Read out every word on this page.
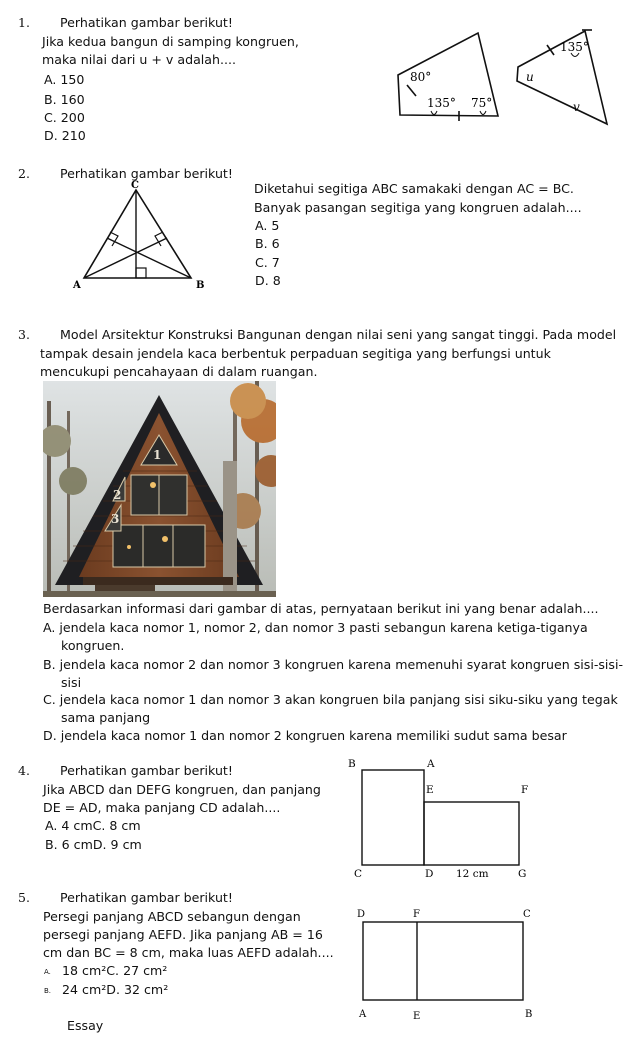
1. Perhatikan gambar berikut!
Jika kedua bangun di samping kongruen,
maka nilai dari u + v adalah....
A. 150
B. 160
C. 200
D. 210
80°
135° 75°
135°
u
v
2. Perhatikan gambar berikut!
Diketahui segitiga ABC samakaki dengan AC = BC.
Banyak pasangan segitiga yang kongruen adalah....
A. 5
B. 6
C. 7
D. 8
C
A	B
3. Model Arsitektur Konstruksi Bangunan dengan nilai seni yang sangat tinggi. Pada model
tampak desain jendela kaca berbentuk perpaduan segitiga yang berfungsi untuk
mencukupi pencahayaan di dalam ruangan.
1
2
3
Berdasarkan informasi dari gambar di atas, pernyataan berikut ini yang benar adalah....
A. jendela kaca nomor 1, nomor 2, dan nomor 3 pasti sebangun karena ketiga-tiganya
kongruen.
B. jendela kaca nomor 2 dan nomor 3 kongruen karena memenuhi syarat kongruen sisi-sisi-
sisi
C. jendela kaca nomor 1 dan nomor 3 akan kongruen bila panjang sisi siku-siku yang tegak
sama panjang
D. jendela kaca nomor 1 dan nomor 2 kongruen karena memiliki sudut sama besar
4. Perhatikan gambar berikut!
Jika ABCD dan DEFG kongruen, dan panjang
DE = AD, maka panjang CD adalah....
A. 4 cmC. 8 cm
B. 6 cmD. 9 cm
B	A
E	F
C	D 12 cm	G
5. Perhatikan gambar berikut!
Persegi panjang ABCD sebangun dengan
persegi panjang AEFD. Jika panjang AB = 16
cm dan BC = 8 cm, maka luas AEFD adalah....
A. 18 cm²C. 27 cm²
B. 24 cm²D. 32 cm²
D	F	C
A	E	B
Essay
